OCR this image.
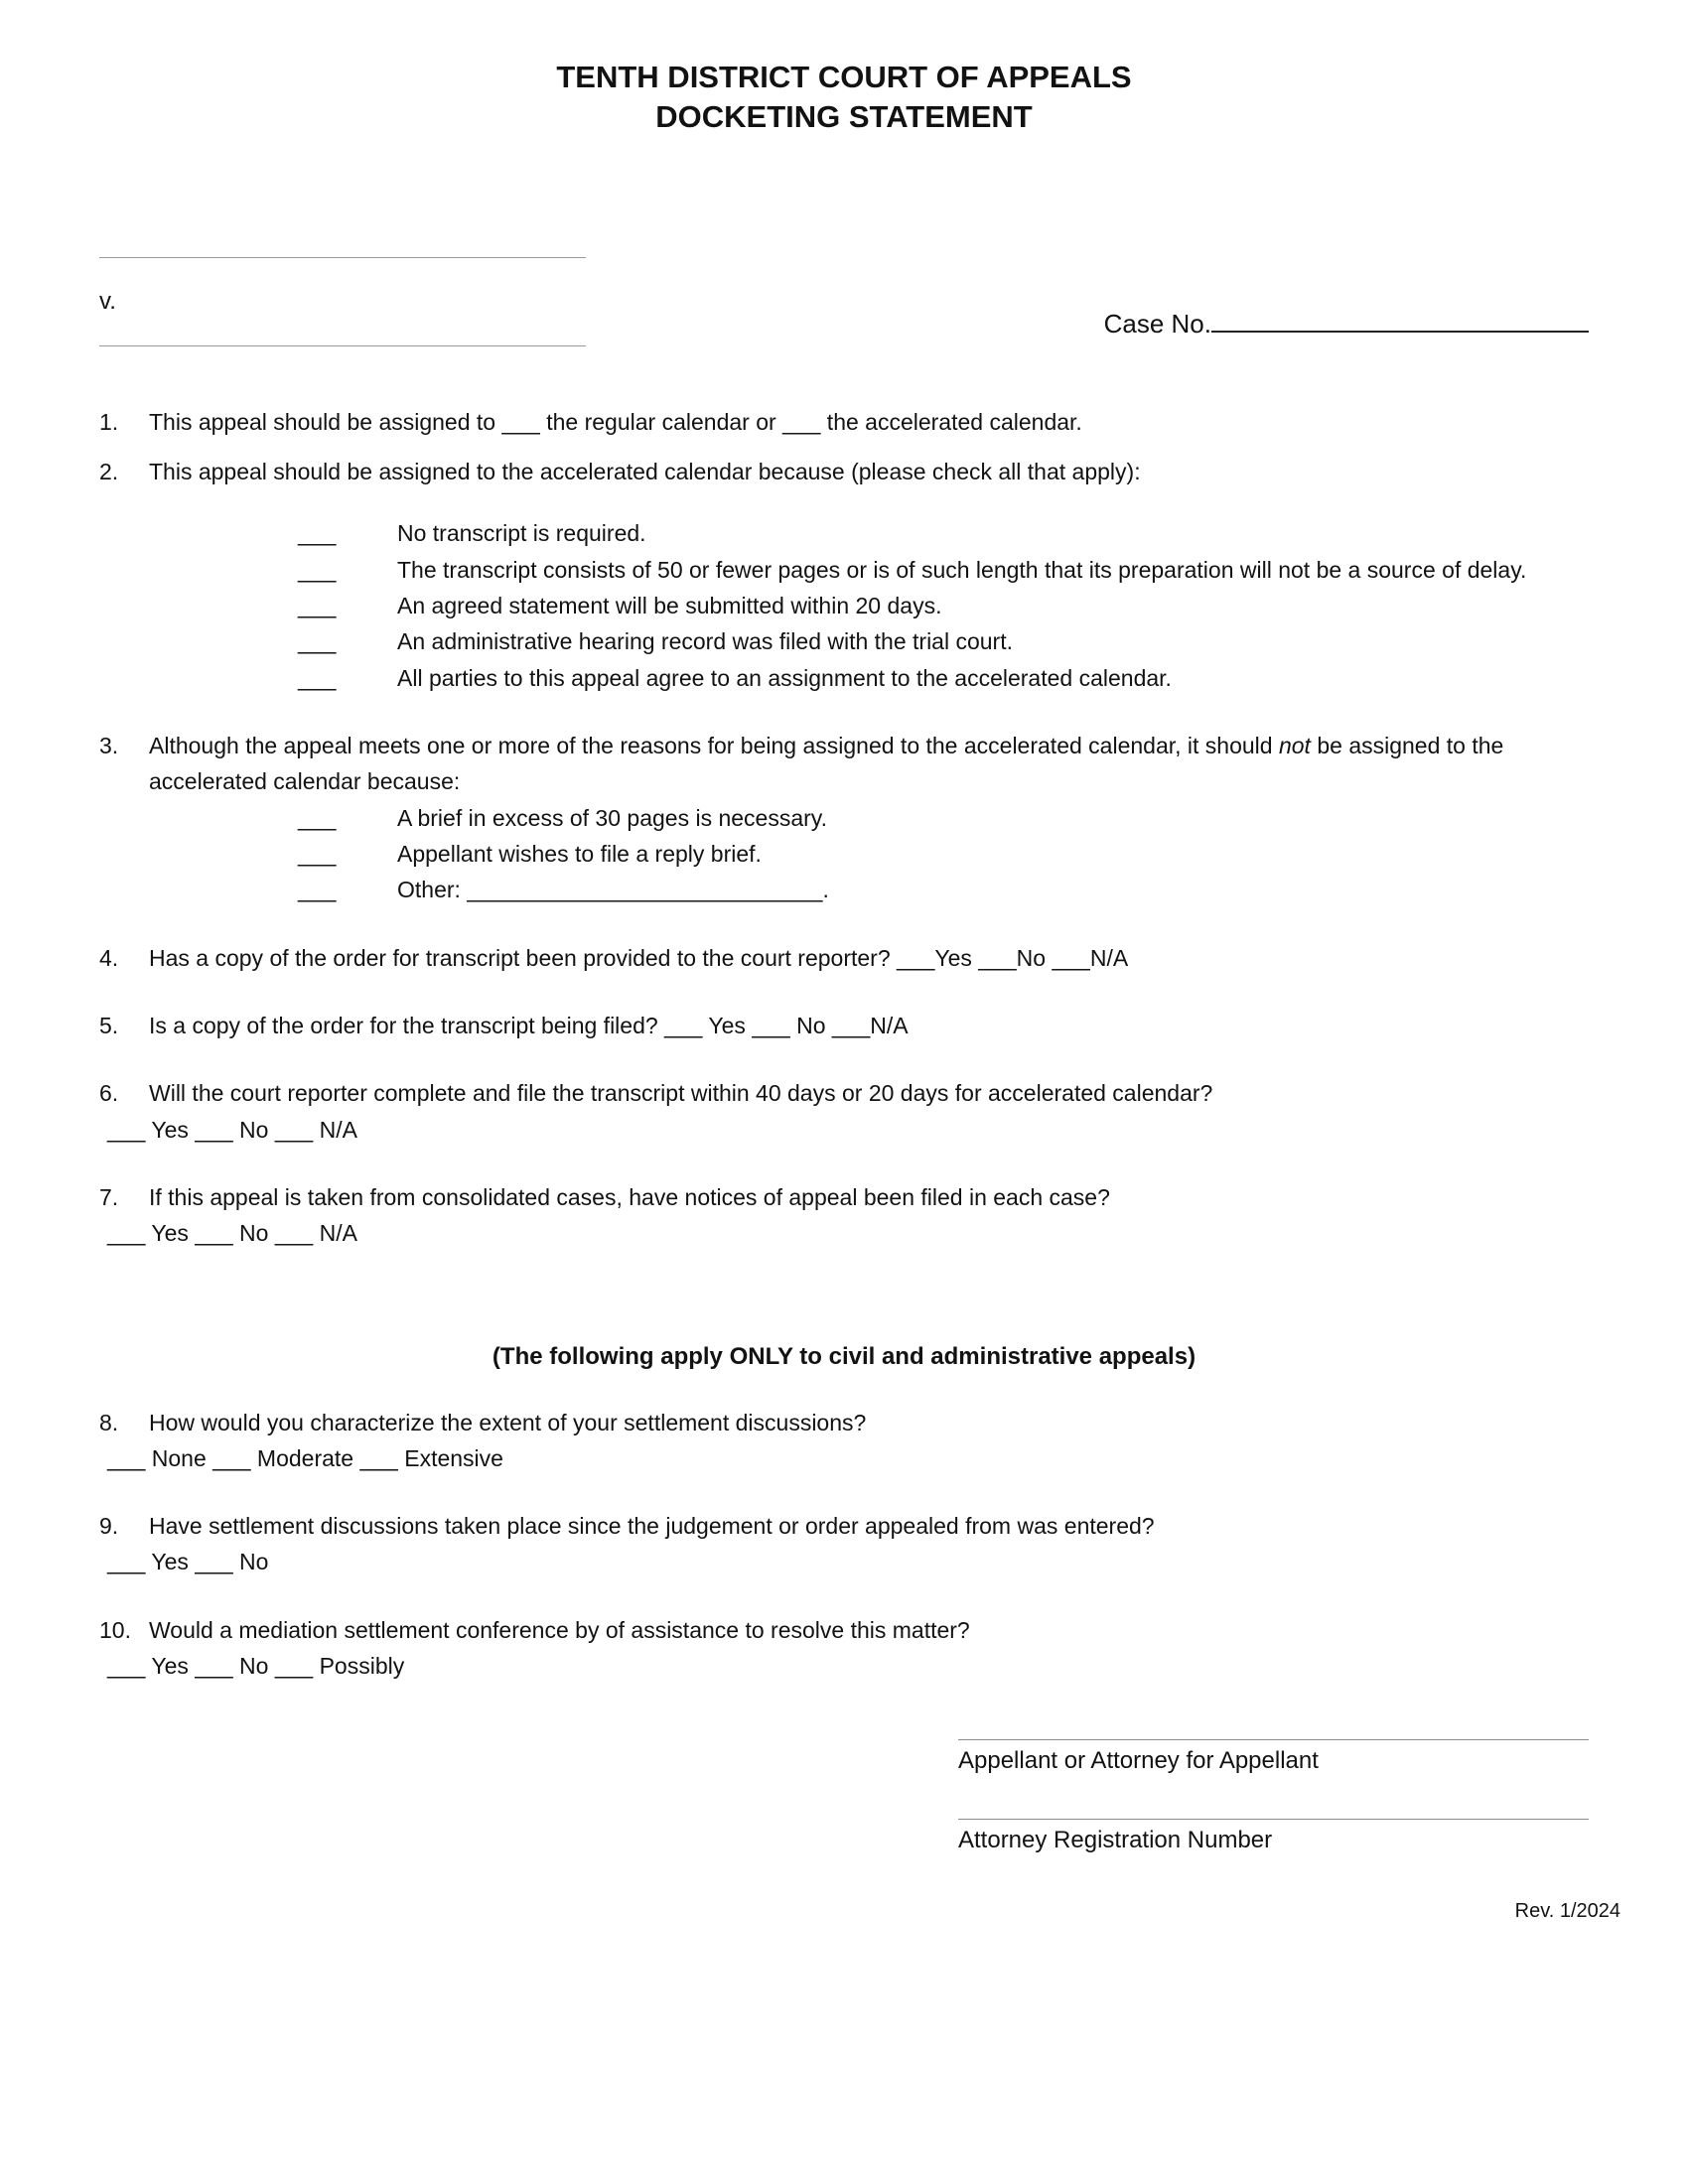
TENTH DISTRICT COURT OF APPEALS
DOCKETING STATEMENT
v.
Case No.
1.	This appeal should be assigned to ___ the regular calendar or ___ the accelerated calendar.
2.	This appeal should be assigned to the accelerated calendar because (please check all that apply):
___	No transcript is required.
___	The transcript consists of 50 or fewer pages or is of such length that its preparation will not be a source of delay.
___	An agreed statement will be submitted within 20 days.
___	An administrative hearing record was filed with the trial court.
___	All parties to this appeal agree to an assignment to the accelerated calendar.
3.	Although the appeal meets one or more of the reasons for being assigned to the accelerated calendar, it should not be assigned to the accelerated calendar because:
___	A brief in excess of 30 pages is necessary.
___	Appellant wishes to file a reply brief.
___	Other: ____________________________.
4.	Has a copy of the order for transcript been provided to the court reporter? ___Yes ___No ___N/A
5.	Is a copy of the order for the transcript being filed? ___ Yes ___ No ___N/A
6.	Will the court reporter complete and file the transcript within 40 days or 20 days for accelerated calendar?
___ Yes ___ No ___ N/A
7.	If this appeal is taken from consolidated cases, have notices of appeal been filed in each case?
___ Yes ___ No ___ N/A
(The following apply ONLY to civil and administrative appeals)
8.	How would you characterize the extent of your settlement discussions?
___ None ___ Moderate ___ Extensive
9.	Have settlement discussions taken place since the judgement or order appealed from was entered?
___ Yes ___ No
10. Would a mediation settlement conference by of assistance to resolve this matter?
___ Yes ___ No ___ Possibly
Appellant or Attorney for Appellant
Attorney Registration Number
Rev. 1/2024
